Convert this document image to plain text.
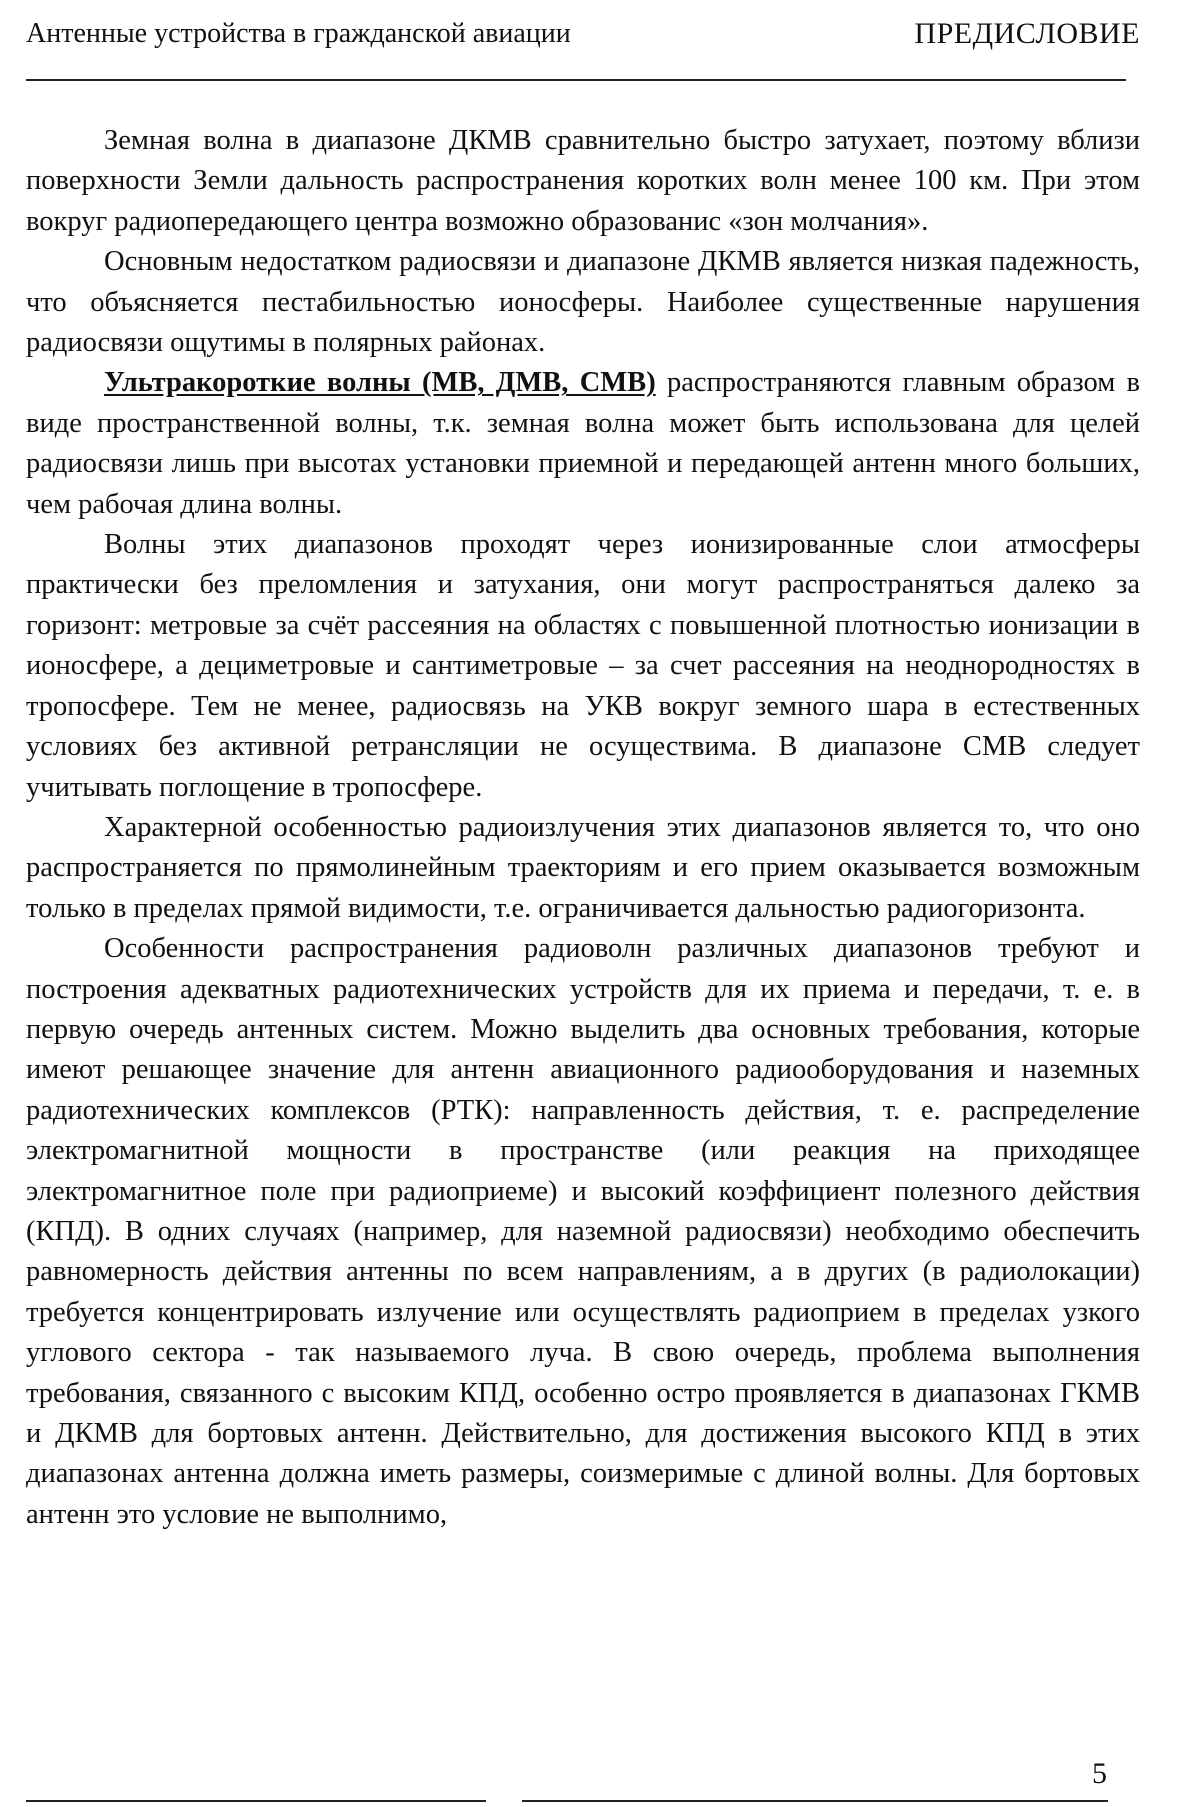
Антенные устройства в гражданской авиации	ПРЕДИСЛОВИЕ

Земная волна в диапазоне ДКМВ сравнительно быстро затухает, поэтому вблизи поверхности Земли дальность распространения коротких волн менее 100 км. При этом вокруг радиопередающего центра возможно образованис «зон молчания».

Основным недостатком радиосвязи и диапазоне ДКМВ является низкая падежность, что объясняется пестабильностью ионосферы. Наиболее существенные нарушения радиосвязи ощутимы в полярных районах.

Ультракороткие волны (МВ, ДМВ, СМВ) распространяются главным образом в виде пространственной волны, т.к. земная волна может быть использована для целей радиосвязи лишь при высотах установки приемной и передающей антенн много больших, чем рабочая длина волны.

Волны этих диапазонов проходят через ионизированные слои атмосферы практически без преломления и затухания, они могут распространяться далеко за горизонт: метровые за счёт рассеяния на областях с повышенной плотностью ионизации в ионосфере, а дециметровые и сантиметровые – за счет рассеяния на неоднородностях в тропосфере. Тем не менее, радиосвязь на УКВ вокруг земного шара в естественных условиях без активной ретрансляции не осуществима. В диапазоне СМВ следует учитывать поглощение в тропосфере.

Характерной особенностью радиоизлучения этих диапазонов является то, что оно распространяется по прямолинейным траекториям и его прием оказывается возможным только в пределах прямой видимости, т.е. ограничивается дальностью радиогоризонта.

Особенности распространения радиоволн различных диапазонов требуют и построения адекватных радиотехнических устройств для их приема и передачи, т. е. в первую очередь антенных систем. Можно выделить два основных требования, которые имеют решающее значение для антенн авиационного радиооборудования и наземных радиотехнических комплексов (РТК): направленность действия, т. е. распределение электромагнитной мощности в пространстве (или реакция на приходящее электромагнитное поле при радиоприеме) и высокий коэффициент полезного действия (КПД). В одних случаях (например, для наземной радиосвязи) необходимо обеспечить равномерность действия антенны по всем направлениям, а в других (в радиолокации) требуется концентрировать излучение или осуществлять радиоприем в пределах узкого углового сектора - так называемого луча. В свою очередь, проблема выполнения требования, связанного с высоким КПД, особенно остро проявляется в диапазонах ГКМВ и ДКМВ для бортовых антенн. Действительно, для достижения высокого КПД в этих диапазонах антенна должна иметь размеры, соизмеримые с длиной волны. Для бортовых антенн это условие не выполнимо,

5
